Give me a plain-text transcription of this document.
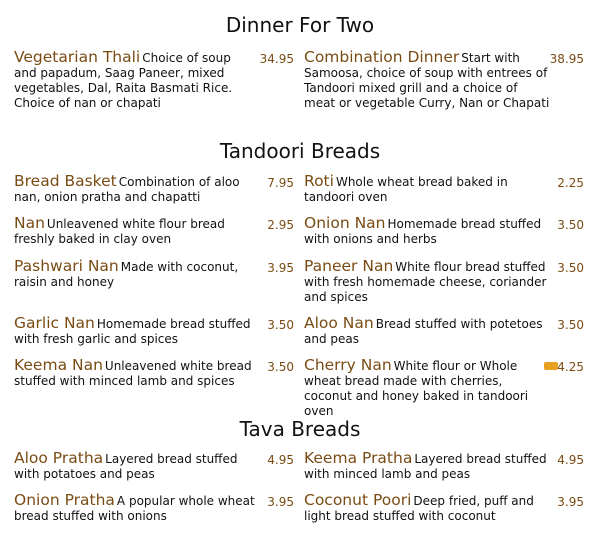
Dinner For Two
Tandoori Breads
Tava Breads
Vegetarian Thali Choice of soup and papadum, Saag Paneer, mixed vegetables, Dal, Raita Basmati Rice. Choice of nan or chapati
34.95 Combination Dinner Start with Samoosa, choice of soup with entrees of Tandoori mixed grill and a choice of meat or vegetable Curry, Nan or Chapati
38.95
Bread Basket Combination of aloo nan, onion pratha and chapatti
7.95 Roti Whole wheat bread baked in tandoori oven
2.25
Nan Unleavened white flour bread freshly baked in clay oven
2.95 Onion Nan Homemade bread stuffed with onions and herbs
3.50
Pashwari Nan Made with coconut, raisin and honey
3.95 Paneer Nan White flour bread stuffed with fresh homemade cheese, coriander and spices
3.50
Garlic Nan Homemade bread stuffed with fresh garlic and spices
3.50 Aloo Nan Bread stuffed with potetoes and peas
3.50
Keema Nan Unleavened white bread stuffed with minced lamb and spices
3.50 Cherry Nan White flour or Whole wheat bread made with cherries, coconut and honey baked in tandoori oven
4.25
Aloo Pratha Layered bread stuffed with potatoes and peas
4.95 Keema Pratha Layered bread stuffed with minced lamb and peas
4.95
Onion Pratha A popular whole wheat bread stuffed with onions
3.95 Coconut Poori Deep fried, puff and light bread stuffed with coconut
3.95
